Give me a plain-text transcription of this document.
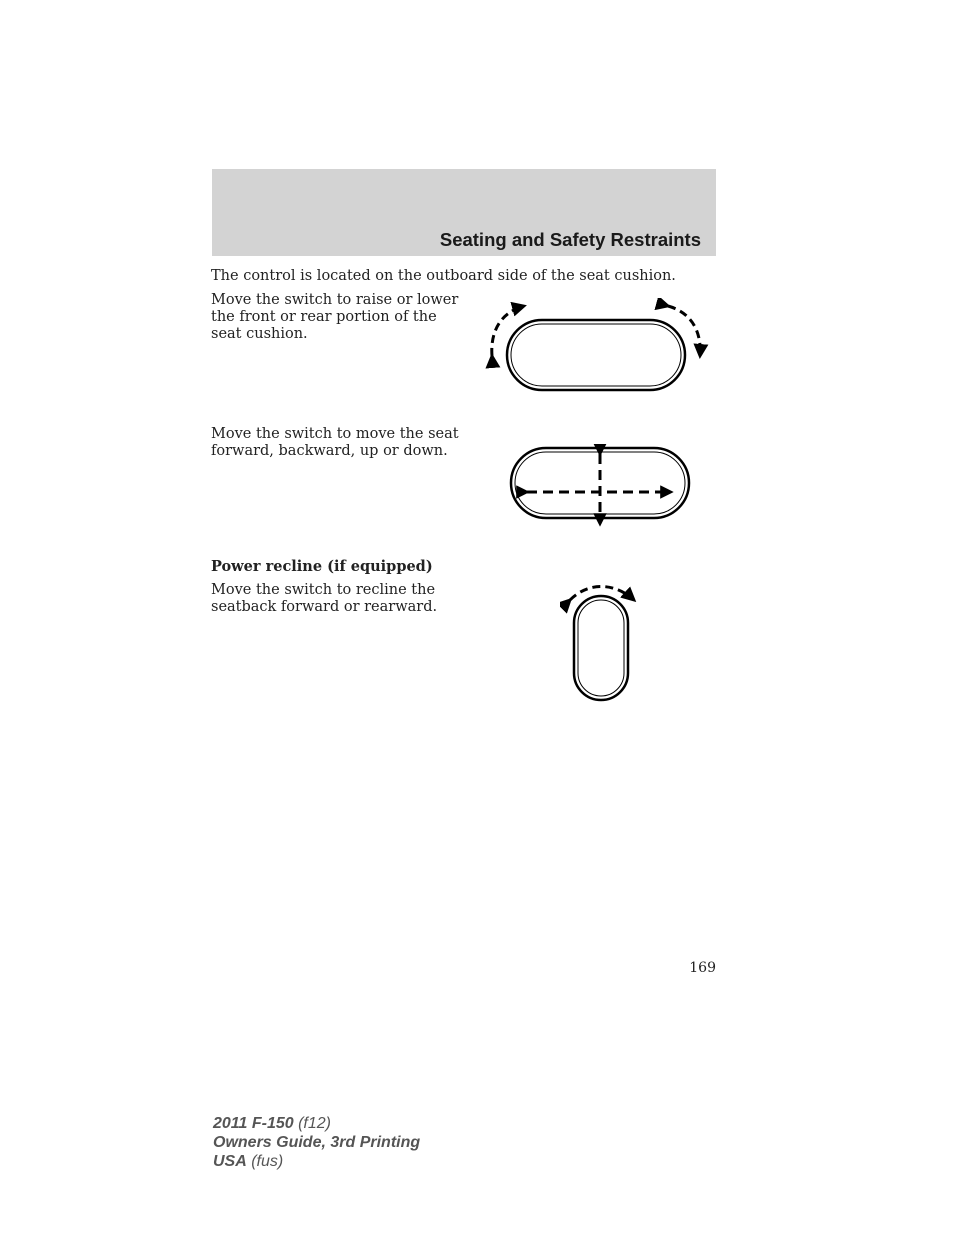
Seating and Safety Restraints
The control is located on the outboard side of the seat cushion.
Move the switch to raise or lower the front or rear portion of the seat cushion.
Move the switch to move the seat forward, backward, up or down.
Power recline (if equipped)
Move the switch to recline the seatback forward or rearward.
169
2011 F-150 (f12)
Owners Guide, 3rd Printing
USA (fus)
